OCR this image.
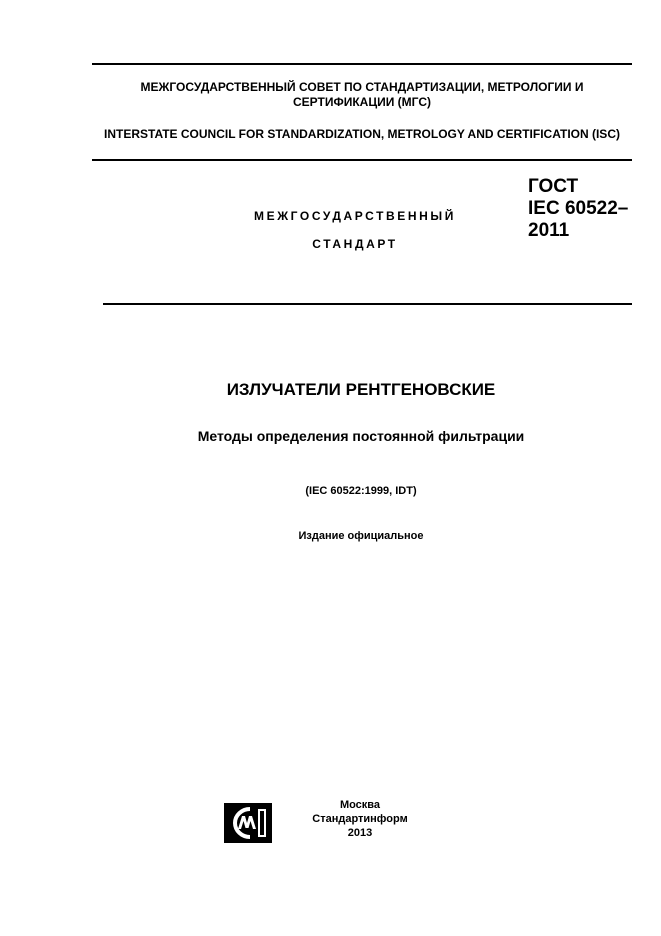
МЕЖГОСУДАРСТВЕННЫЙ СОВЕТ ПО СТАНДАРТИЗАЦИИ, МЕТРОЛОГИИ И СЕРТИФИКАЦИИ (МГС)
INTERSTATE COUNCIL FOR STANDARDIZATION, METROLOGY AND CERTIFICATION (ISC)
МЕЖГОСУДАРСТВЕННЫЙ
СТАНДАРТ
ГОСТ
IEC 60522–
2011
ИЗЛУЧАТЕЛИ РЕНТГЕНОВСКИЕ
Методы определения постоянной фильтрации
(IEC 60522:1999, IDT)
Издание официальное
Москва
Стандартинформ
2013
